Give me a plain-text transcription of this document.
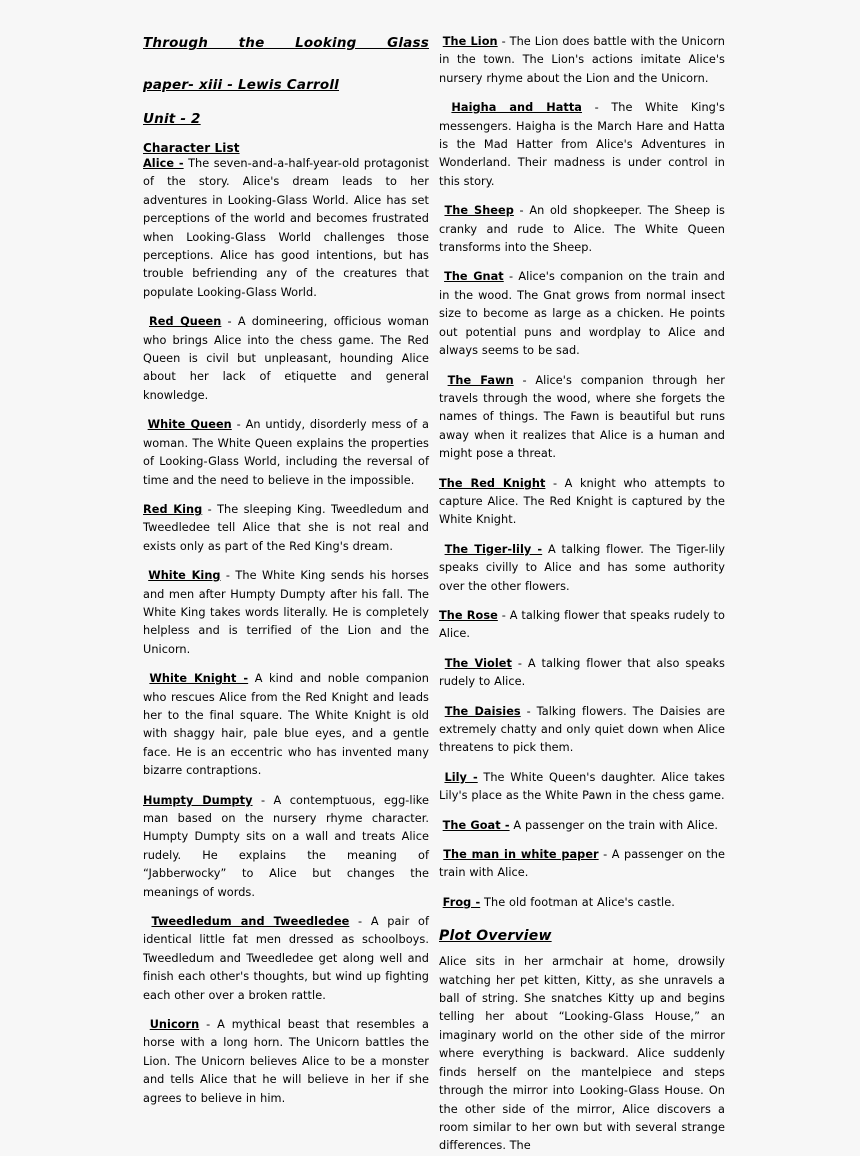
Through the Looking Glass
paper- xiii - Lewis Carroll
Unit - 2
Character List
Alice - The seven-and-a-half-year-old protagonist of the story. Alice's dream leads to her adventures in Looking-Glass World. Alice has set perceptions of the world and becomes frustrated when Looking-Glass World challenges those perceptions. Alice has good intentions, but has trouble befriending any of the creatures that populate Looking-Glass World.
Red Queen - A domineering, officious woman who brings Alice into the chess game. The Red Queen is civil but unpleasant, hounding Alice about her lack of etiquette and general knowledge.
White Queen - An untidy, disorderly mess of a woman. The White Queen explains the properties of Looking-Glass World, including the reversal of time and the need to believe in the impossible.
Red King - The sleeping King. Tweedledum and Tweedledee tell Alice that she is not real and exists only as part of the Red King's dream.
White King - The White King sends his horses and men after Humpty Dumpty after his fall. The White King takes words literally. He is completely helpless and is terrified of the Lion and the Unicorn.
White Knight - A kind and noble companion who rescues Alice from the Red Knight and leads her to the final square. The White Knight is old with shaggy hair, pale blue eyes, and a gentle face. He is an eccentric who has invented many bizarre contraptions.
Humpty Dumpty - A contemptuous, egg-like man based on the nursery rhyme character. Humpty Dumpty sits on a wall and treats Alice rudely. He explains the meaning of “Jabberwocky” to Alice but changes the meanings of words.
Tweedledum and Tweedledee - A pair of identical little fat men dressed as schoolboys. Tweedledum and Tweedledee get along well and finish each other's thoughts, but wind up fighting each other over a broken rattle.
Unicorn - A mythical beast that resembles a horse with a long horn. The Unicorn battles the Lion. The Unicorn believes Alice to be a monster and tells Alice that he will believe in her if she agrees to believe in him.
The Lion - The Lion does battle with the Unicorn in the town. The Lion's actions imitate Alice's nursery rhyme about the Lion and the Unicorn.
Haigha and Hatta - The White King's messengers. Haigha is the March Hare and Hatta is the Mad Hatter from Alice's Adventures in Wonderland. Their madness is under control in this story.
The Sheep - An old shopkeeper. The Sheep is cranky and rude to Alice. The White Queen transforms into the Sheep.
The Gnat - Alice's companion on the train and in the wood. The Gnat grows from normal insect size to become as large as a chicken. He points out potential puns and wordplay to Alice and always seems to be sad.
The Fawn - Alice's companion through her travels through the wood, where she forgets the names of things. The Fawn is beautiful but runs away when it realizes that Alice is a human and might pose a threat.
The Red Knight - A knight who attempts to capture Alice. The Red Knight is captured by the White Knight.
The Tiger-lily - A talking flower. The Tiger-lily speaks civilly to Alice and has some authority over the other flowers.
The Rose - A talking flower that speaks rudely to Alice.
The Violet - A talking flower that also speaks rudely to Alice.
The Daisies - Talking flowers. The Daisies are extremely chatty and only quiet down when Alice threatens to pick them.
Lily - The White Queen's daughter. Alice takes Lily's place as the White Pawn in the chess game.
The Goat - A passenger on the train with Alice.
The man in white paper - A passenger on the train with Alice.
Frog - The old footman at Alice's castle.
Plot Overview
Alice sits in her armchair at home, drowsily watching her pet kitten, Kitty, as she unravels a ball of string. She snatches Kitty up and begins telling her about “Looking-Glass House,” an imaginary world on the other side of the mirror where everything is backward. Alice suddenly finds herself on the mantelpiece and steps through the mirror into Looking-Glass House. On the other side of the mirror, Alice discovers a room similar to her own but with several strange differences. The
